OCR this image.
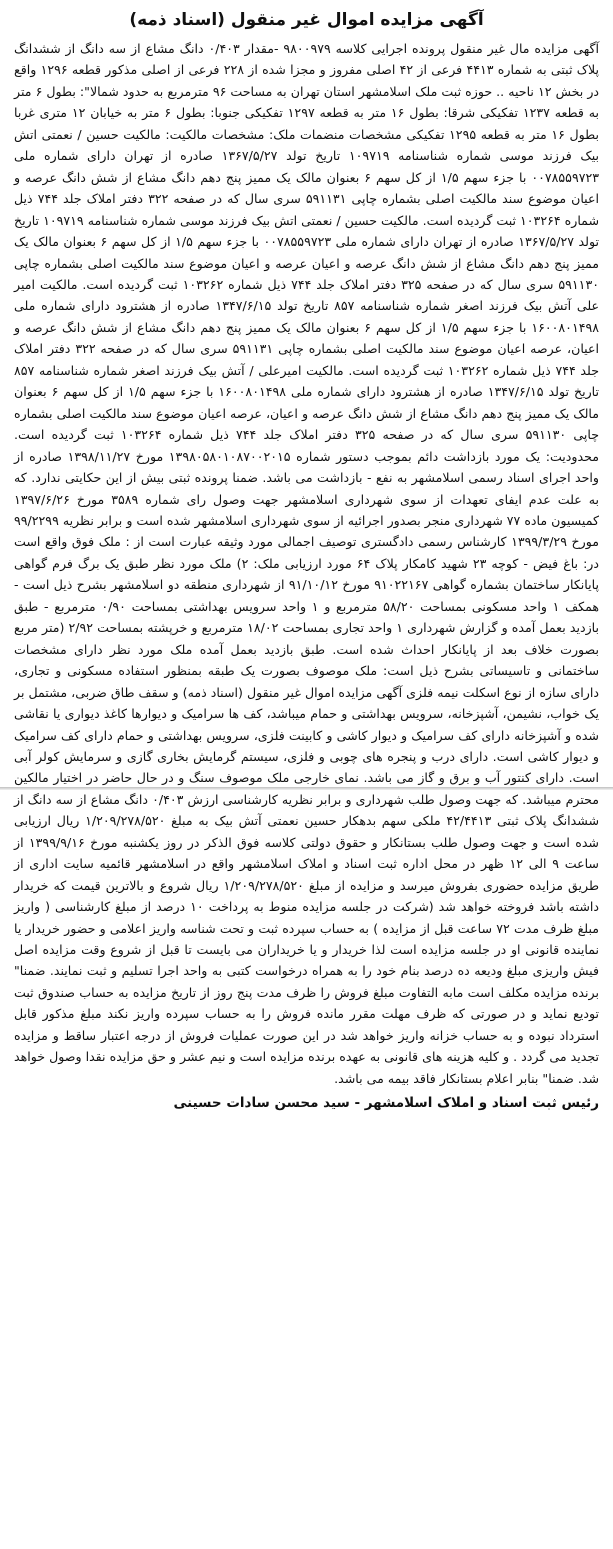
آگهی مزایده اموال غیر منقول (اسناد ذمه)

آگهی مزایده مال غیر منقول پرونده اجرایی کلاسه ۹۸۰۰۹۷۹ -مقدار ۰/۴۰۳ دانگ مشاع از سه دانگ از ششدانگ پلاک ثبتی به شماره ۴۴۱۳ فرعی از ۴۲ اصلی مفروز و مجزا شده از ۲۲۸ فرعی از اصلی مذکور قطعه ۱۲۹۶ واقع در بخش ۱۲ ناحیه .. حوزه ثبت ملک اسلامشهر استان تهران به مساحت ۹۶ مترمربع به حدود شمالا": بطول ۶ متر به قطعه ۱۲۳۷ تفکیکی شرقا: بطول ۱۶ متر به قطعه ۱۲۹۷ تفکیکی جنوبا: بطول ۶ متر به خیابان ۱۲ متری غربا بطول ۱۶ متر به قطعه ۱۲۹۵ تفکیکی مشخصات منضمات ملک: مشخصات مالکیت: مالکیت حسین / نعمتی اتش بیک فرزند موسی شماره شناسنامه ۱۰۹۷۱۹ تاریخ تولد ۱۳۶۷/۵/۲۷ صادره از تهران دارای شماره ملی ۰۰۷۸۵۵۹۷۲۳ با جزء سهم ۱/۵ از کل سهم ۶ بعنوان مالک یک ممیز پنج دهم دانگ مشاع از شش دانگ عرصه و اعیان موضوع سند مالکیت اصلی بشماره چاپی ۵۹۱۱۳۱ سری سال که در صفحه ۳۲۲ دفتر املاک جلد ۷۴۴ ذیل شماره ۱۰۳۲۶۴ ثبت گردیده است. مالکیت حسین / نعمتی اتش بیک فرزند موسی شماره شناسنامه ۱۰۹۷۱۹ تاریخ تولد ۱۳۶۷/۵/۲۷ صادره از تهران دارای شماره ملی ۰۰۷۸۵۵۹۷۲۳ با جزء سهم ۱/۵ از کل سهم ۶ بعنوان مالک یک ممیز پنج دهم دانگ مشاع از شش دانگ عرصه و اعیان عرصه و اعیان موضوع سند مالکیت اصلی بشماره چاپی ۵۹۱۱۳۰ سری سال که در صفحه ۳۲۵ دفتر املاک جلد ۷۴۴ ذیل شماره ۱۰۳۲۶۲ ثبت گردیده است. مالکیت امیر علی آتش بیک فرزند اصغر شماره شناسنامه ۸۵۷ تاریخ تولد ۱۳۴۷/۶/۱۵ صادره از هشترود دارای شماره ملی ۱۶۰۰۸۰۱۴۹۸ با جزء سهم ۱/۵ از کل سهم ۶ بعنوان مالک یک ممیز پنج دهم دانگ مشاع از شش دانگ عرصه و اعیان، عرصه اعیان موضوع سند مالکیت اصلی بشماره چاپی ۵۹۱۱۳۱ سری سال که در صفحه ۳۲۲ دفتر املاک جلد ۷۴۴ ذیل شماره ۱۰۳۲۶۲ ثبت گردیده است. مالکیت امیرعلی / آتش بیک فرزند اصغر شماره شناسنامه ۸۵۷ تاریخ تولد ۱۳۴۷/۶/۱۵ صادره از هشترود دارای شماره ملی ۱۶۰۰۸۰۱۴۹۸ با جزء سهم ۱/۵ از کل سهم ۶ بعنوان مالک یک ممیز پنج دهم دانگ مشاع از شش دانگ عرصه و اعیان، عرصه اعیان موضوع سند مالکیت اصلی بشماره چاپی ۵۹۱۱۳۰ سری سال که در صفحه ۳۲۵ دفتر املاک جلد ۷۴۴ ذیل شماره ۱۰۳۲۶۴ ثبت گردیده است. محدودیت: یک مورد بازداشت دائم بموجب دستور شماره ۱۳۹۸۰۵۸۰۱۰۸۷۰۰۲۰۱۵ مورخ ۱۳۹۸/۱۱/۲۷ صادره از واحد اجرای اسناد رسمی اسلامشهر به نفع - بازداشت می باشد. ضمنا پرونده ثبتی بیش از این حکایتی ندارد. که به علت عدم ایفای تعهدات از سوی شهرداری اسلامشهر جهت وصول رای شماره ۳۵۸۹ مورخ ۱۳۹۷/۶/۲۶ کمیسیون ماده ۷۷ شهرداری منجر بصدور اجرائیه از سوی شهرداری اسلامشهر شده است و برابر نظریه ۹۹/۲۲۹۹ مورخ ۱۳۹۹/۳/۲۹ کارشناس رسمی دادگستری توصیف اجمالی مورد وثیقه عبارت است از : ملک فوق واقع است در: باغ فیض - کوچه ۲۳ شهید کامکار پلاک ۶۴ مورد ارزیابی ملک: ۲) ملک مورد نظر طبق یک برگ فرم گواهی پایانکار ساختمان بشماره گواهی ۹۱۰۲۲۱۶۷ مورخ ۹۱/۱۰/۱۲ از شهرداری منطقه دو اسلامشهر بشرح ذیل است - همکف ۱ واحد مسکونی بمساحت ۵۸/۲۰ مترمربع و ۱ واحد سرویس بهداشتی بمساحت ۰/۹۰ مترمربع - طبق بازدید بعمل آمده و گزارش شهرداری ۱ واحد تجاری بمساحت ۱۸/۰۲ مترمربع و خرپشته بمساحت ۲/۹۲ (متر مربع بصورت خلاف بعد از پایانکار احداث شده است. طبق بازدید بعمل آمده ملک مورد نظر دارای مشخصات ساختمانی و تاسیساتی بشرح ذیل است: ملک موصوف بصورت یک طبقه بمنظور استفاده مسکونی و تجاری، دارای سازه از نوع اسکلت نیمه فلزی آگهی مزایده اموال غیر منقول (اسناد ذمه) و سقف طاق ضربی، مشتمل بر یک خواب، نشیمن، آشپزخانه، سرویس بهداشتی و حمام میباشد، کف ها سرامیک و دیوارها کاغذ دیواری یا نقاشی شده و آشپزخانه دارای کف سرامیک و دیوار کاشی و کابینت فلزی، سرویس بهداشتی و حمام دارای کف سرامیک و دیوار کاشی است. دارای درب و پنجره های چوبی و فلزی، سیستم گرمایش بخاری گازی و سرمایش کولر آبی است. دارای کنتور آب و برق و گاز می باشد. نمای خارجی ملک موصوف سنگ و در حال حاضر در اختیار مالکین محترم میباشد. که جهت وصول طلب شهرداری و برابر نظریه کارشناسی ارزش ۰/۴۰۳ دانگ مشاع از سه دانگ از ششدانگ پلاک ثبتی ۴۲/۴۴۱۳ ملکی سهم بدهکار حسین نعمتی آتش بیک به مبلغ ۱/۲۰۹/۲۷۸/۵۲۰ ریال ارزیابی شده است و جهت وصول طلب بستانکار و حقوق دولتی کلاسه فوق الذکر در روز یکشنبه مورخ ۱۳۹۹/۹/۱۶ از ساعت ۹ الی ۱۲ ظهر در محل اداره ثبت اسناد و املاک اسلامشهر واقع در اسلامشهر قائمیه سایت اداری از طریق مزایده حضوری بفروش میرسد و مزایده از مبلغ ۱/۲۰۹/۲۷۸/۵۲۰ ریال شروع و بالاترین قیمت که خریدار داشته باشد فروخته خواهد شد (شرکت در جلسه مزایده منوط به پرداخت ۱۰ درصد از مبلغ کارشناسی ( واریز مبلغ ظرف مدت ۷۲ ساعت قبل از مزایده ) به حساب سپرده ثبت و تحت شناسه واریز اعلامی و حضور خریدار یا نماینده قانونی او در جلسه مزایده است لذا خریدار و یا خریداران می بایست تا قبل از شروع وقت مزایده اصل فیش واریزی مبلغ ودیعه ده درصد بنام خود را به همراه درخواست کتبی به واحد اجرا تسلیم و ثبت نمایند. ضمنا" برنده مزایده مکلف است مابه التفاوت مبلغ فروش را ظرف مدت پنج روز از تاریخ مزایده به حساب صندوق ثبت تودیع نماید و در صورتی که ظرف مهلت مقرر مانده فروش را به حساب سپرده واریز نکند مبلغ مذکور قابل استرداد نبوده و به حساب خزانه واریز خواهد شد در این صورت عملیات فروش از درجه اعتبار ساقط و مزایده تجدید می گردد . و کلیه هزینه های قانونی به عهده برنده مزایده است و نیم عشر و حق مزایده نقدا وصول خواهد شد. ضمنا" بنابر اعلام بستانکار فاقد بیمه می باشد.

رئیس ثبت اسناد و املاک اسلامشهر - سید محسن سادات حسینی
